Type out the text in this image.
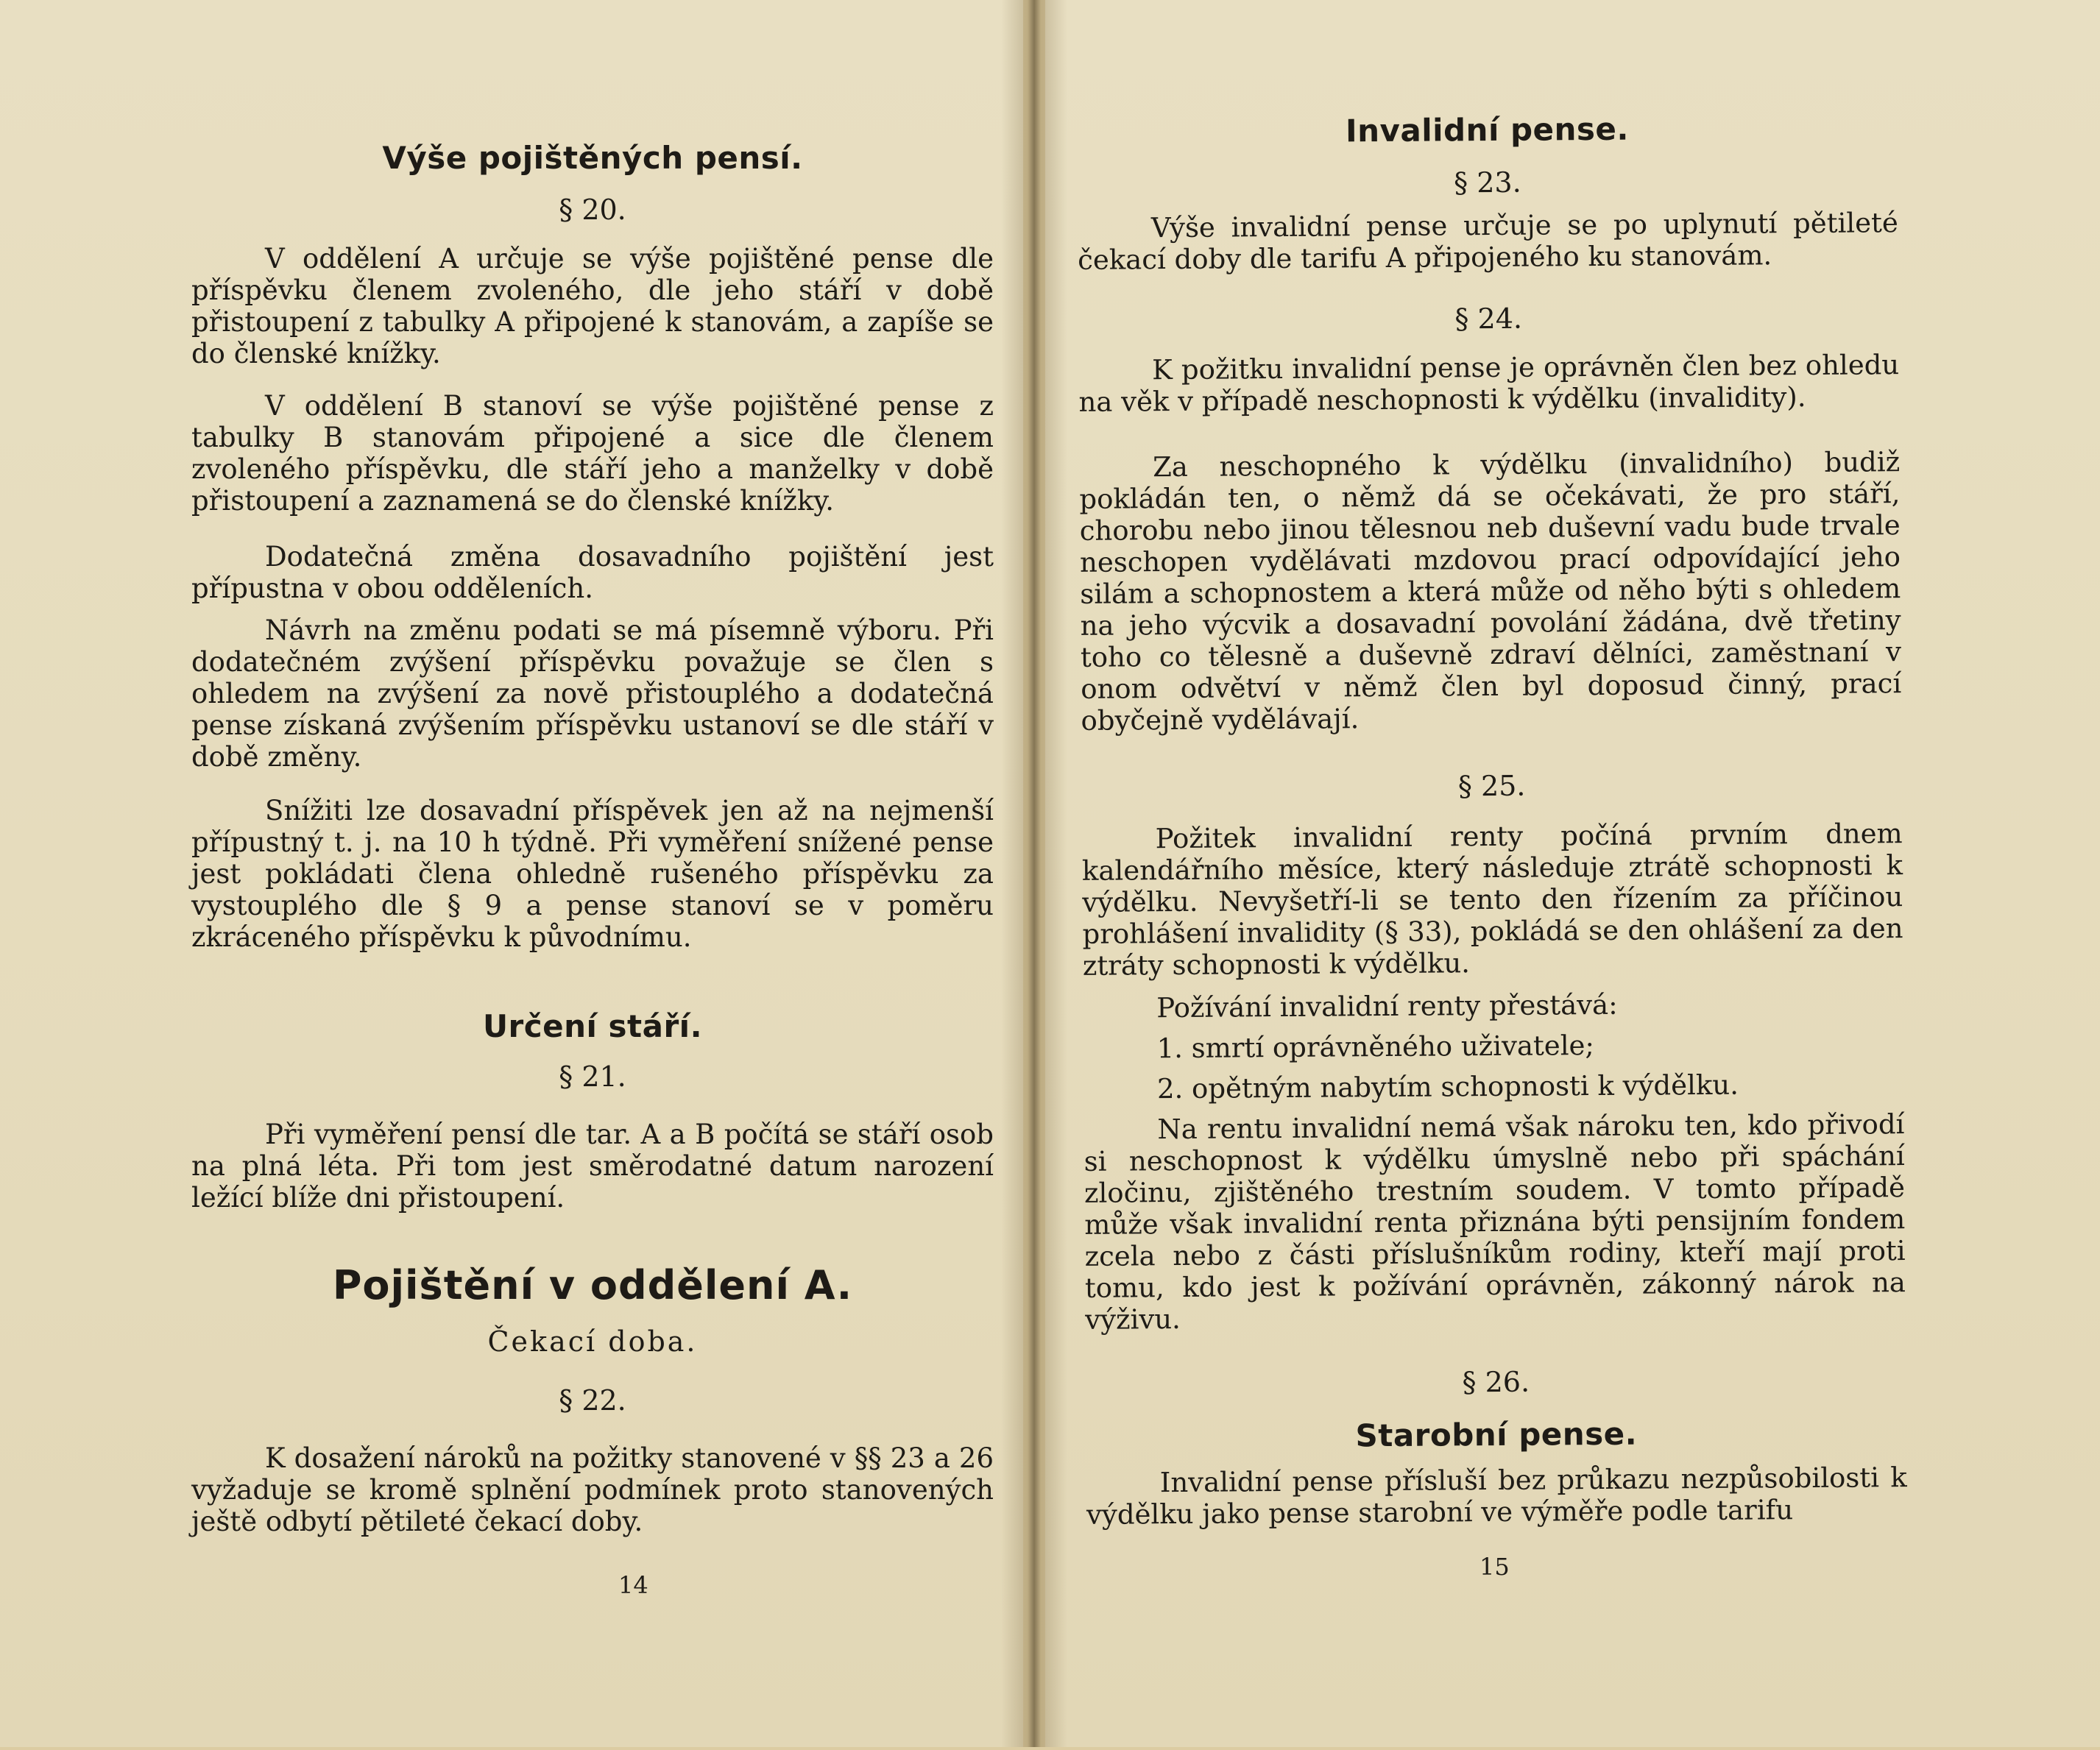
Výše pojištěných pensí.

§ 20.

V oddělení A určuje se výše pojištěné pense dle příspěvku členem zvoleného, dle jeho stáří v době přistoupení z tabulky A připojené k stanovám, a zapíše se do členské knížky.

V oddělení B stanoví se výše pojištěné pense z tabulky B stanovám připojené a sice dle členem zvoleného příspěvku, dle stáří jeho a manželky v době přistoupení a zaznamená se do členské knížky.

Dodatečná změna dosavadního pojištění jest přípustna v obou odděleních.

Návrh na změnu podati se má písemně výboru. Při dodatečném zvýšení příspěvku považuje se člen s ohledem na zvýšení za nově přistouplého a dodatečná pense získaná zvýšením příspěvku ustanoví se dle stáří v době změny.

Snížiti lze dosavadní příspěvek jen až na nejmenší přípustný t. j. na 10 h týdně. Při vyměření snížené pense jest pokládati člena ohledně rušeného příspěvku za vystouplého dle § 9 a pense stanoví se v poměru zkráceného příspěvku k původnímu.

Určení stáří.

§ 21.

Při vyměření pensí dle tar. A a B počítá se stáří osob na plná léta. Při tom jest směrodatné datum narození ležící blíže dni přistoupení.

Pojištění v oddělení A.

Čekací doba.

§ 22.

K dosažení nároků na požitky stanovené v §§ 23 a 26 vyžaduje se kromě splnění podmínek proto stanovených ještě odbytí pětileté čekací doby.

14
Invalidní pense.

§ 23.

Výše invalidní pense určuje se po uplynutí pětileté čekací doby dle tarifu A připojeného ku stanovám.

§ 24.

K požitku invalidní pense je oprávněn člen bez ohledu na věk v případě neschopnosti k výdělku (invalidity).

Za neschopného k výdělku (invalidního) budiž pokládán ten, o němž dá se očekávati, že pro stáří, chorobu nebo jinou tělesnou neb duševní vadu bude trvale neschopen vydělávati mzdovou prací odpovídající jeho silám a schopnostem a která může od něho býti s ohledem na jeho výcvik a dosavadní povolání žádána, dvě třetiny toho co tělesně a duševně zdraví dělníci, zaměstnaní v onom odvětví v němž člen byl doposud činný, prací obyčejně vydělávají.

§ 25.

Požitek invalidní renty počíná prvním dnem kalendářního měsíce, který následuje ztrátě schopnosti k výdělku. Nevyšetří-li se tento den řízením za příčinou prohlášení invalidity (§ 33), pokládá se den ohlášení za den ztráty schopnosti k výdělku.

Požívání invalidní renty přestává:

1. smrtí oprávněného uživatele;

2. opětným nabytím schopnosti k výdělku.

Na rentu invalidní nemá však nároku ten, kdo přivodí si neschopnost k výdělku úmyslně nebo při spáchání zločinu, zjištěného trestním soudem. V tomto případě může však invalidní renta přiznána býti pensijním fondem zcela nebo z části příslušníkům rodiny, kteří mají proti tomu, kdo jest k požívání oprávněn, zákonný nárok na výživu.

§ 26.

Starobní pense.

Invalidní pense přísluší bez průkazu nezpůsobilosti k výdělku jako pense starobní ve výměře podle tarifu

15
